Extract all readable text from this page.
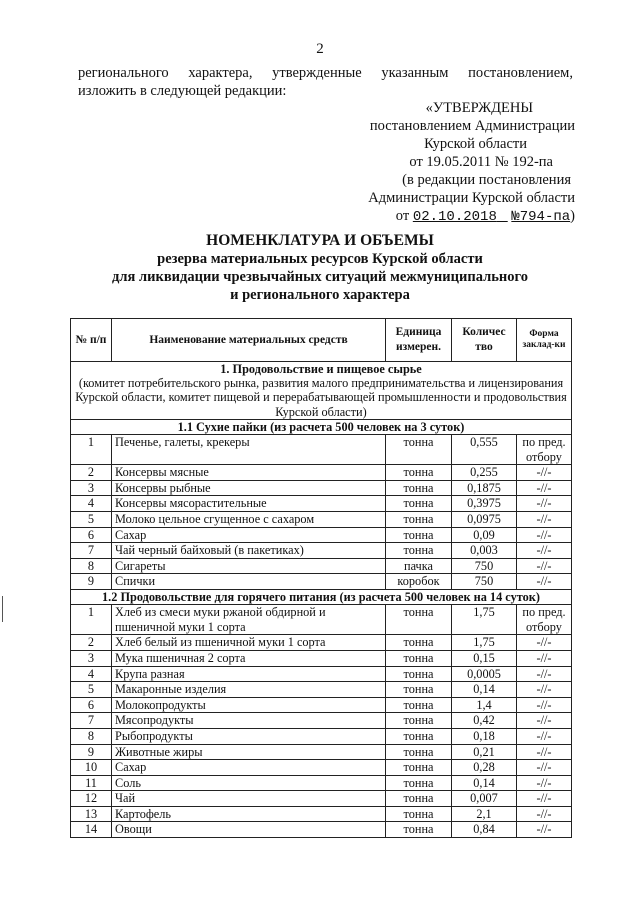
2
регионального характера, утвержденные указанным постановлением,
изложить в следующей редакции:
«УТВЕРЖДЕНЫ
постановлением Администрации
Курской области
от 19.05.2011 № 192-па
(в редакции постановления
Администрации Курской области
от 02.10.2018 №794-па)
НОМЕНКЛАТУРА И ОБЪЕМЫ
резерва материальных ресурсов Курской области
для ликвидации чрезвычайных ситуаций межмуниципального
и регионального характера
№ п/п	Наименование материальных средств	Единица измерен.	Количес тво	Форма заклад-ки
1. Продовольствие и пищевое сырье
(комитет потребительского рынка, развития малого предпринимательства и лицензирования Курской области, комитет пищевой и перерабатывающей промышленности и продовольствия Курской области)				
1.1 Сухие пайки (из расчета 500 человек на 3 суток)				
1	Печенье, галеты, крекеры	тонна	0,555	по пред. отбору
2	Консервы мясные	тонна	0,255	-//-
3	Консервы рыбные	тонна	0,1875	-//-
4	Консервы мясорастительные	тонна	0,3975	-//-
5	Молоко цельное сгущенное с сахаром	тонна	0,0975	-//-
6	Сахар	тонна	0,09	-//-
7	Чай черный байховый (в пакетиках)	тонна	0,003	-//-
8	Сигареты	пачка	750	-//-
9	Спички	коробок	750	-//-
1.2 Продовольствие для горячего питания (из расчета 500 человек на 14 суток)				
1	Хлеб из смеси муки ржаной обдирной и пшеничной муки 1 сорта	тонна	1,75	по пред. отбору
2	Хлеб белый из пшеничной муки 1 сорта	тонна	1,75	-//-
3	Мука пшеничная 2 сорта	тонна	0,15	-//-
4	Крупа разная	тонна	0,0005	-//-
5	Макаронные изделия	тонна	0,14	-//-
6	Молокопродукты	тонна	1,4	-//-
7	Мясопродукты	тонна	0,42	-//-
8	Рыбопродукты	тонна	0,18	-//-
9	Животные жиры	тонна	0,21	-//-
10	Сахар	тонна	0,28	-//-
11	Соль	тонна	0,14	-//-
12	Чай	тонна	0,007	-//-
13	Картофель	тонна	2,1	-//-
14	Овощи	тонна	0,84	-//-
